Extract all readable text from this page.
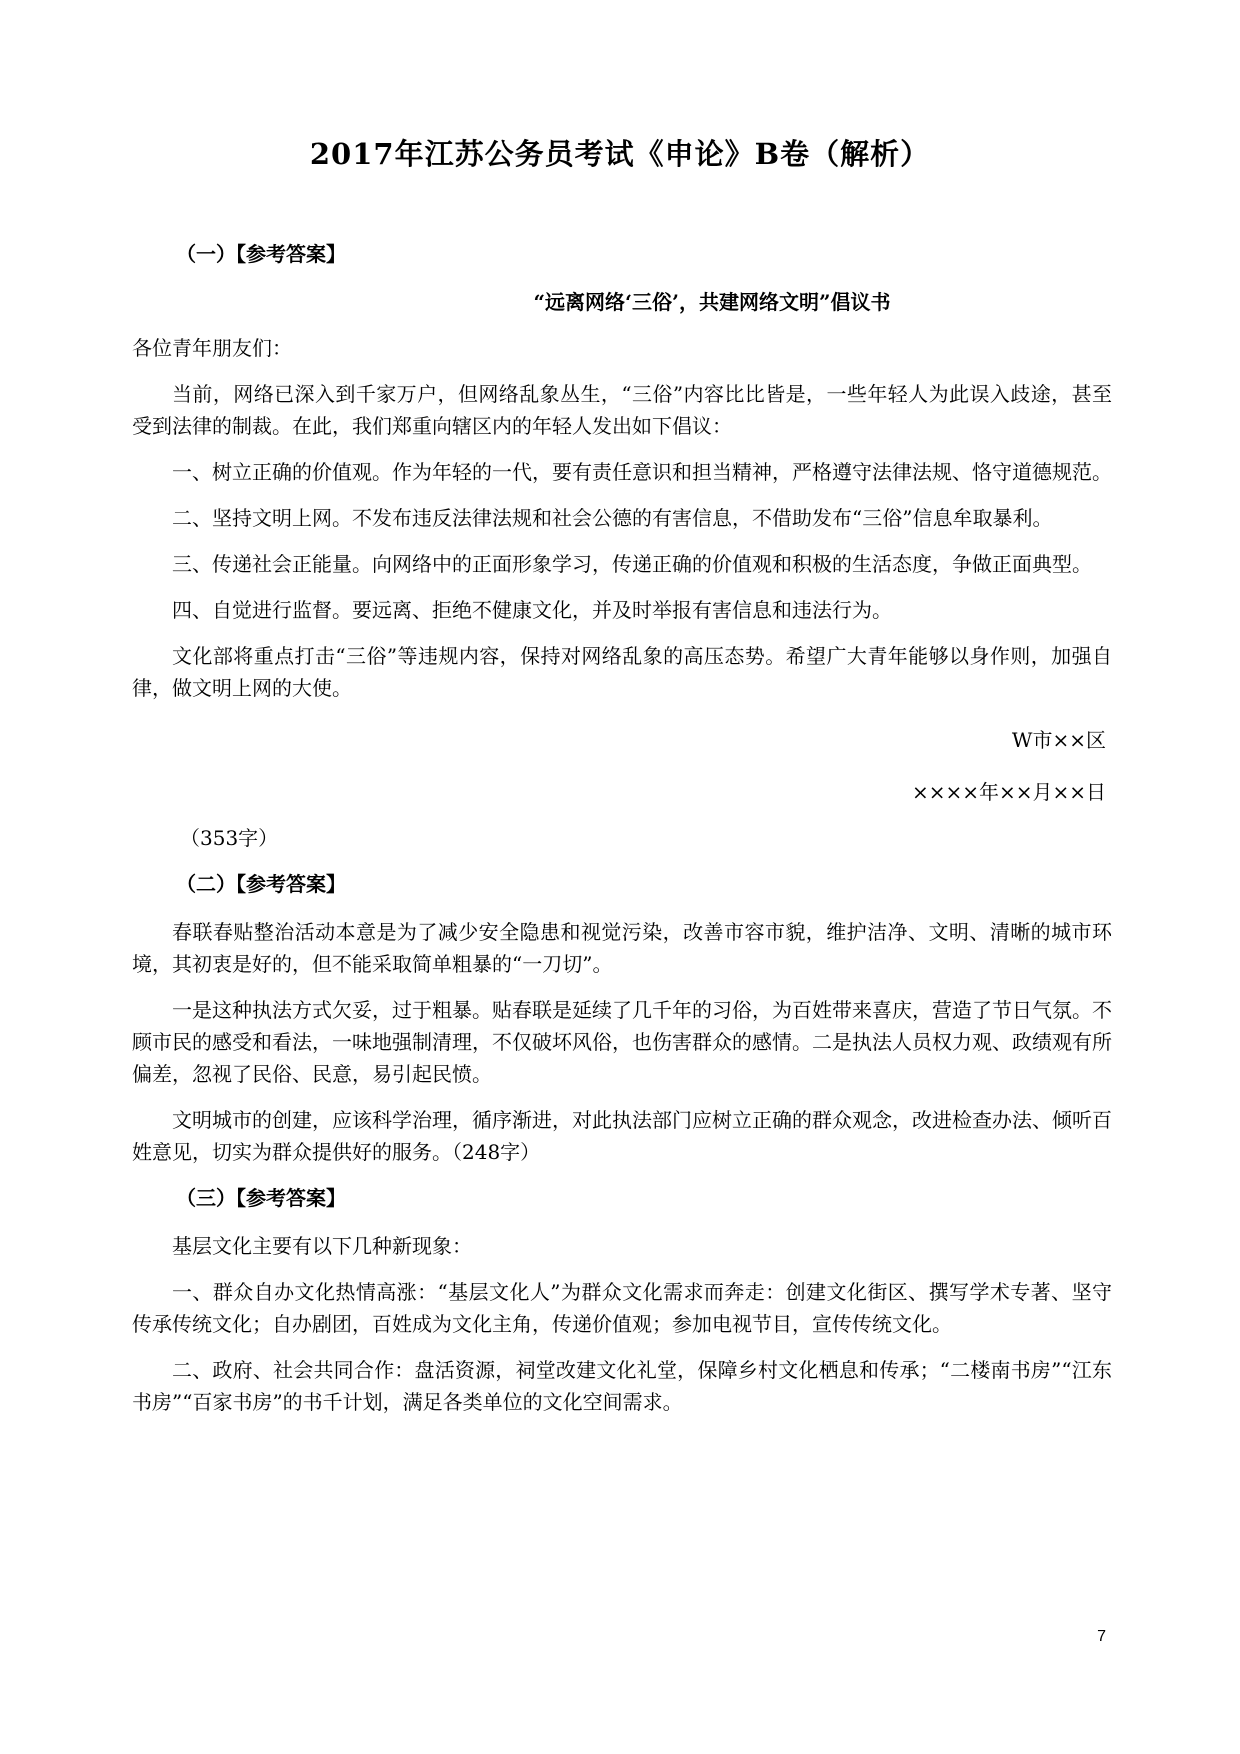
2017年江苏公务员考试《申论》B卷（解析）

（一）【参考答案】

“远离网络‘三俗’，共建网络文明”倡议书

各位青年朋友们：

当前，网络已深入到千家万户，但网络乱象丛生，“三俗”内容比比皆是，一些年轻人为此误入歧途，甚至受到法律的制裁。在此，我们郑重向辖区内的年轻人发出如下倡议：

一、树立正确的价值观。作为年轻的一代，要有责任意识和担当精神，严格遵守法律法规、恪守道德规范。

二、坚持文明上网。不发布违反法律法规和社会公德的有害信息，不借助发布“三俗”信息牟取暴利。

三、传递社会正能量。向网络中的正面形象学习，传递正确的价值观和积极的生活态度，争做正面典型。

四、自觉进行监督。要远离、拒绝不健康文化，并及时举报有害信息和违法行为。

文化部将重点打击“三俗”等违规内容，保持对网络乱象的高压态势。希望广大青年能够以身作则，加强自律，做文明上网的大使。

W市××区

××××年××月××日

（353字）

（二）【参考答案】

春联春贴整治活动本意是为了减少安全隐患和视觉污染，改善市容市貌，维护洁净、文明、清晰的城市环境，其初衷是好的，但不能采取简单粗暴的“一刀切”。

一是这种执法方式欠妥，过于粗暴。贴春联是延续了几千年的习俗，为百姓带来喜庆，营造了节日气氛。不顾市民的感受和看法，一味地强制清理，不仅破坏风俗，也伤害群众的感情。二是执法人员权力观、政绩观有所偏差，忽视了民俗、民意，易引起民愤。

文明城市的创建，应该科学治理，循序渐进，对此执法部门应树立正确的群众观念，改进检查办法、倾听百姓意见，切实为群众提供好的服务。（248字）

（三）【参考答案】

基层文化主要有以下几种新现象：

一、群众自办文化热情高涨：“基层文化人”为群众文化需求而奔走：创建文化街区、撰写学术专著、坚守传承传统文化；自办剧团，百姓成为文化主角，传递价值观；参加电视节目，宣传传统文化。

二、政府、社会共同合作：盘活资源，祠堂改建文化礼堂，保障乡村文化栖息和传承；“二楼南书房”“江东书房”“百家书房”的书千计划，满足各类单位的文化空间需求。

7
